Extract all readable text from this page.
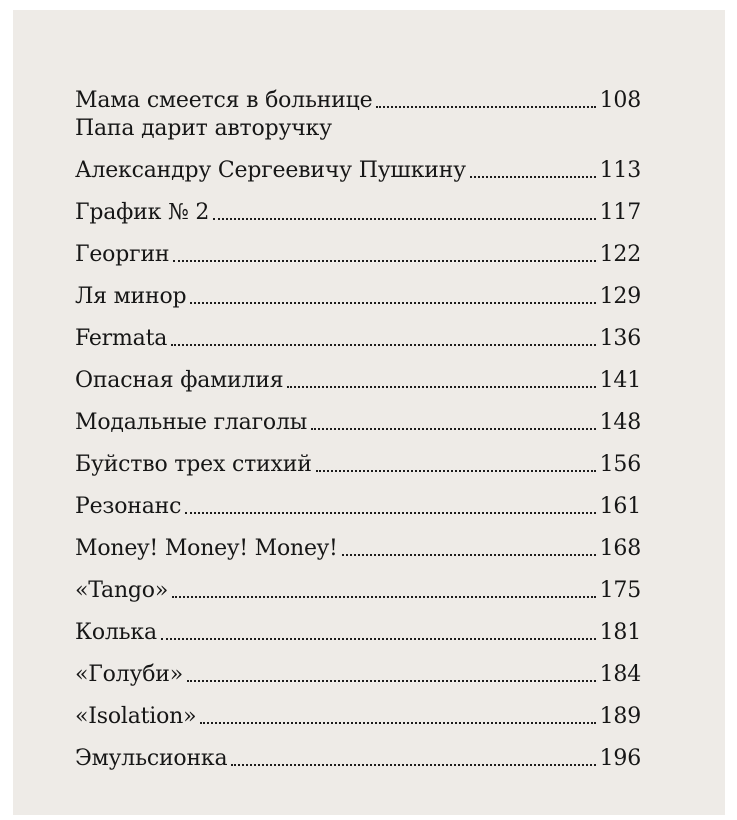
Мама смеется в больнице	108
Папа дарит авторучку
Александру Сергеевичу Пушкину	113
График № 2	117
Георгин	122
Ля минор	129
Fermata	136
Опасная фамилия	141
Модальные глаголы	148
Буйство трех стихий	156
Резонанс	161
Money! Money! Money!	168
«Tango»	175
Колька	181
«Голуби»	184
«Isolation»	189
Эмульсионка	196
